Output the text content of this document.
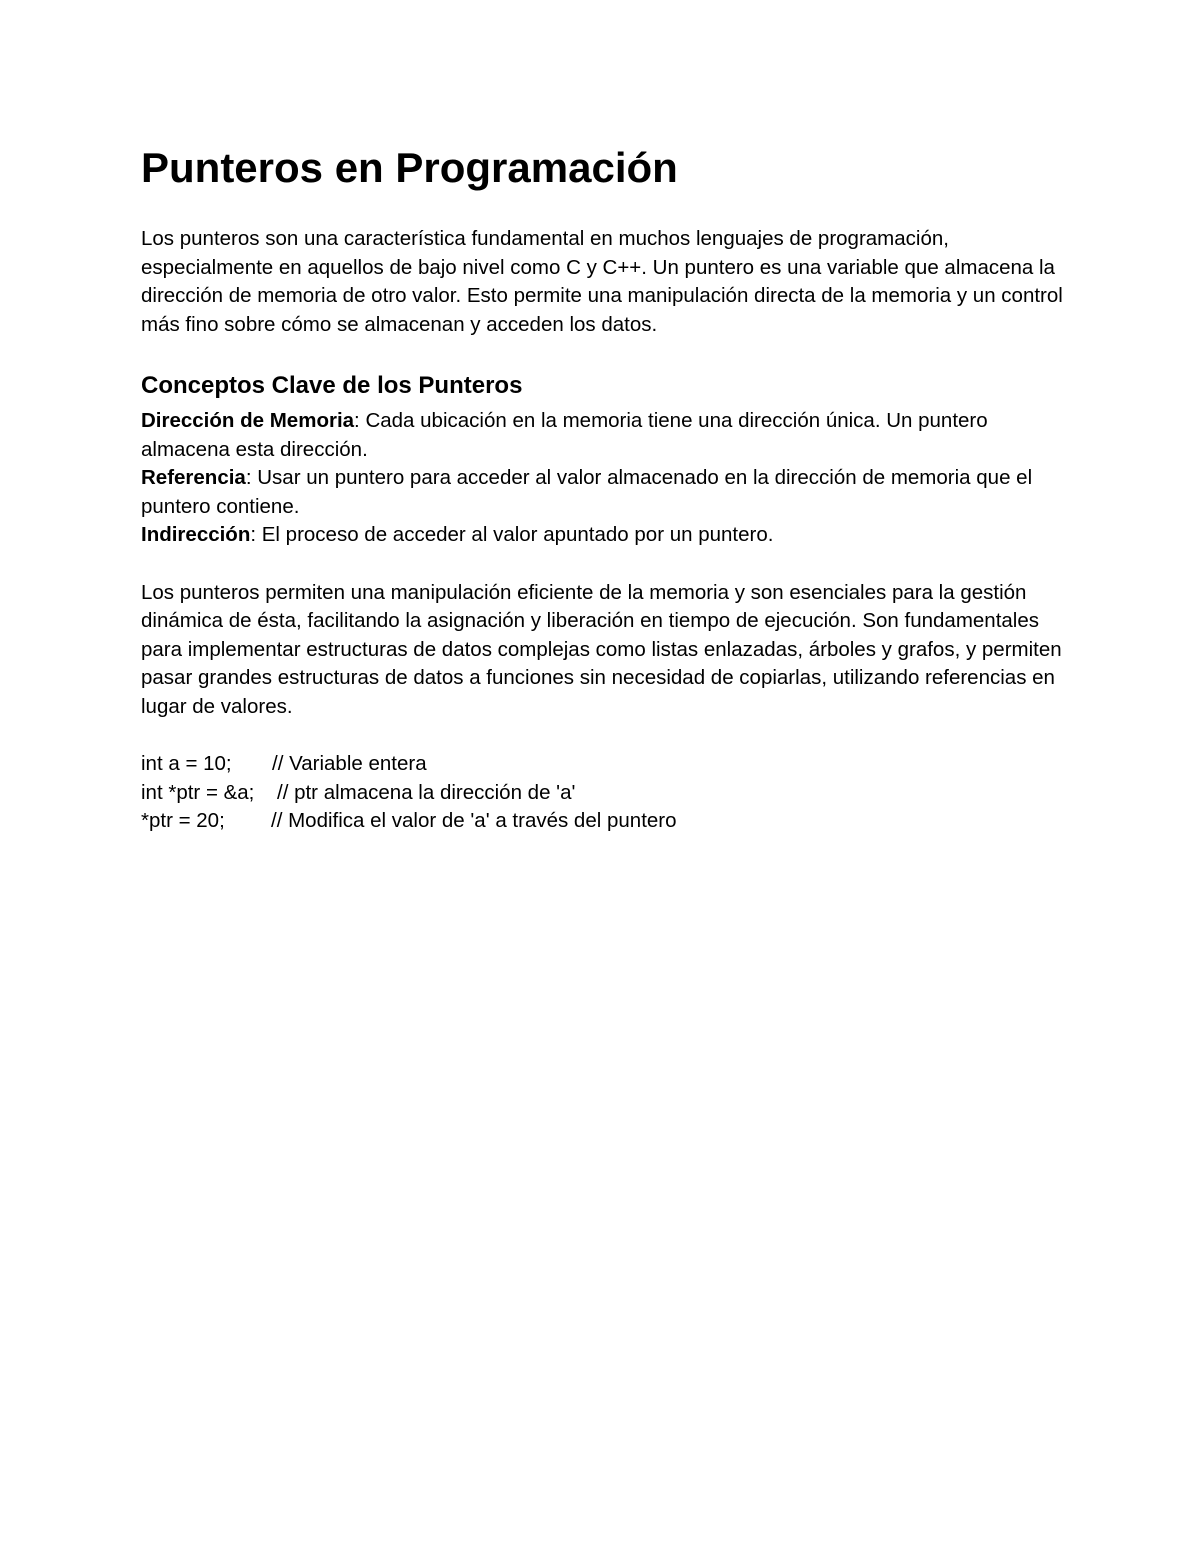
Punteros en Programación

Los punteros son una característica fundamental en muchos lenguajes de programación, especialmente en aquellos de bajo nivel como C y C++. Un puntero es una variable que almacena la dirección de memoria de otro valor. Esto permite una manipulación directa de la memoria y un control más fino sobre cómo se almacenan y acceden los datos.

Conceptos Clave de los Punteros

Dirección de Memoria: Cada ubicación en la memoria tiene una dirección única. Un puntero almacena esta dirección.
Referencia: Usar un puntero para acceder al valor almacenado en la dirección de memoria que el puntero contiene.
Indirección: El proceso de acceder al valor apuntado por un puntero.

Los punteros permiten una manipulación eficiente de la memoria y son esenciales para la gestión dinámica de ésta, facilitando la asignación y liberación en tiempo de ejecución. Son fundamentales para implementar estructuras de datos complejas como listas enlazadas, árboles y grafos, y permiten pasar grandes estructuras de datos a funciones sin necesidad de copiarlas, utilizando referencias en lugar de valores.

int a = 10;	// Variable entera
int *ptr = &a;	// ptr almacena la dirección de 'a'
*ptr = 20;	// Modifica el valor de 'a' a través del puntero
